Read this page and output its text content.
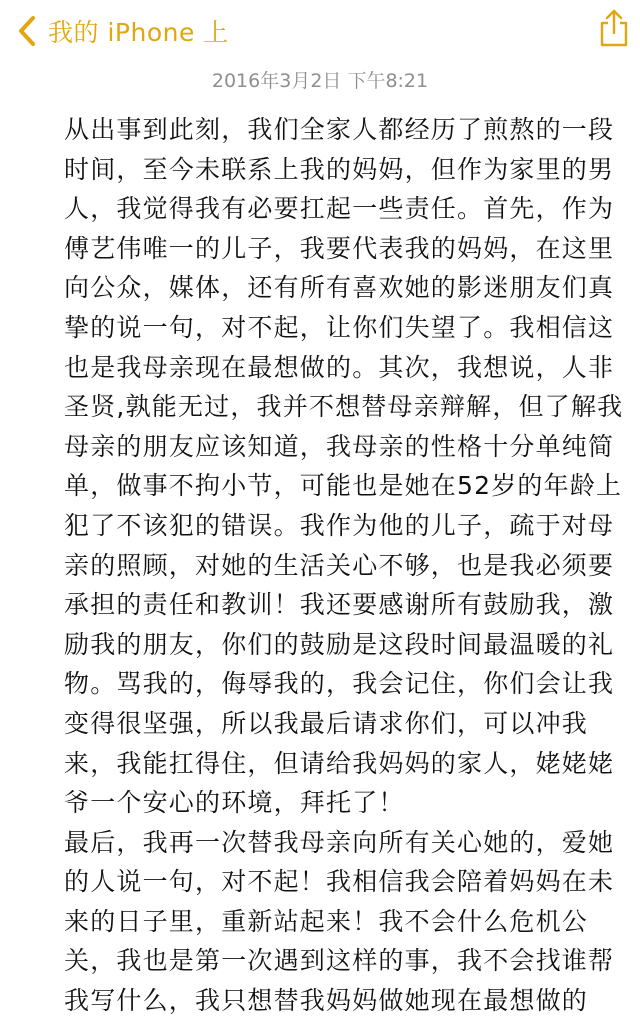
我的 iPhone 上
2016年3月2日 下午8:21
从出事到此刻，我们全家人都经历了煎熬的一段
时间，至今未联系上我的妈妈，但作为家里的男
人，我觉得我有必要扛起一些责任。首先，作为
傅艺伟唯一的儿子，我要代表我的妈妈，在这里
向公众，媒体，还有所有喜欢她的影迷朋友们真
挚的说一句，对不起，让你们失望了。我相信这
也是我母亲现在最想做的。其次，我想说，人非
圣贤,孰能无过，我并不想替母亲辩解，但了解我
母亲的朋友应该知道，我母亲的性格十分单纯简
单，做事不拘小节，可能也是她在52岁的年龄上
犯了不该犯的错误。我作为他的儿子，疏于对母
亲的照顾，对她的生活关心不够，也是我必须要
承担的责任和教训！我还要感谢所有鼓励我，激
励我的朋友，你们的鼓励是这段时间最温暖的礼
物。骂我的，侮辱我的，我会记住，你们会让我
变得很坚强，所以我最后请求你们，可以冲我
来，我能扛得住，但请给我妈妈的家人，姥姥姥
爷一个安心的环境，拜托了！
最后，我再一次替我母亲向所有关心她的，爱她
的人说一句，对不起！我相信我会陪着妈妈在未
来的日子里，重新站起来！我不会什么危机公
关，我也是第一次遇到这样的事，我不会找谁帮
我写什么，我只想替我妈妈做她现在最想做的
